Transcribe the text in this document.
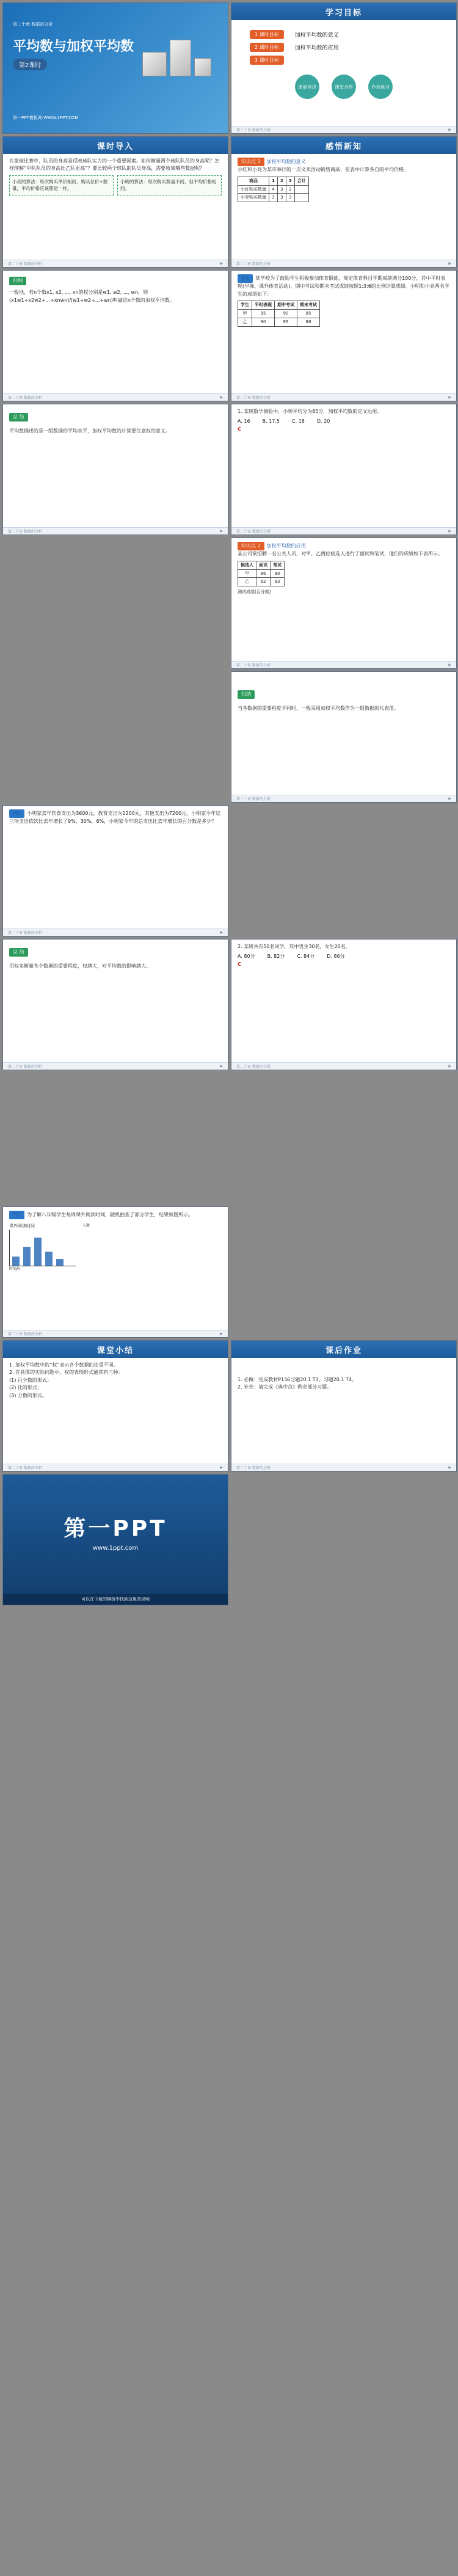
第二十章 数据的分析
平均数与加权平均数
第2课时
第一PPT模板网-WWW.1PPT.COM
学习目标
1 课时目标	加权平均数的意义
2 课时目标	加权平均数的应用
3 课时目标
课前导讲	课堂合作	作业练习
第二十章 数据的分析	▶
课时导入

在篮球比赛中，队员的身高是反映球队实力的一个重要因素。如何衡量两个球队队员的身高呢？怎样理解“甲队队员的身高比乙队更高”？要比较两个球队的队员身高，需要收集哪些数据呢？

小亮的算法：每次购买单价相同，购买总价÷数量，平均价格应该都是一样。
小明的算法：每次购买数量不同，但平均价格相同。
第二十章 数据的分析	▶
感悟新知
知识点 1 加权平均数的意义

小红和小亮为某市举行的一次义卖活动销售商品，在表中计算各自的平均价格。

商品	1	2	3	合计
小红购买数量	4	3	2	
小亮购买数量	3	3	3	
第二十章 数据的分析	▶
归纳

一般地，若n个数x1, x2, ..., xn的权分别是w1, w2, ..., wn，则(x1w1+x2w2+...+xnwn)/(w1+w2+...+wn)叫做这n个数的加权平均数。

第二十章 数据的分析	▶

例1 某学校为了鼓励学生积极参加体育锻炼，规定体育科目学期成绩满分100分，其中平时表现(早操、课外体育活动)、期中考试和期末考试成绩按照1:3:6的比例计算成绩。小明和小亮两名学生的成绩如下：

学生	平时表现	期中考试	期末考试
甲	95	90	85
乙	90	95	88
第二十章 数据的分析	▶
总 结

平均数描述的是一组数据的平均水平，加权平均数的计算要注意权的意义。

第二十章 数据的分析	▶

1. 某班数学测验中，小明平均分为85分，加权平均数的定义运用。

A. 16	B. 17.5	C. 18	D. 20

C

第二十章 数据的分析	▶
知识点 2 加权平均数的应用

某公司欲招聘一名公关人员，对甲、乙两位候选人进行了面试和笔试，他们的成绩如下表所示。

候选人	面试	笔试
甲	86	90
乙	92	83

测试成绩(百分制)

第二十章 数据的分析	▶
归纳

当各数据的重要程度不同时，一般采用加权平均数作为一组数据的代表值。

第二十章 数据的分析	▶

例2 小明家去年饮食支出为3600元，教育支出为1200元，其他支出为7200元。小明家今年这三项支出依次比去年增长了9%，30%，6%，小明家今年的总支出比去年增长的百分数是多少？

第二十章 数据的分析	▶
总 结

用权来衡量各个数据的重要程度，权越大，对平均数的影响越大。

第二十章 数据的分析	▶

2. 某班共有50名同学，其中男生30名，女生20名。

A. 80分	B. 82分	C. 84分	D. 86分

C

第二十章 数据的分析	▶

例3 为了解八年级学生每周课外阅读时间，随机抽查了部分学生，结果如图所示。

课外阅读时间
时间/h
人数
第二十章 数据的分析	▶
课堂小结

1. 加权平均数中的“权”表示各个数据的比重不同。

2. 在具体的实际问题中，权的表现形式通常有三种：

(1) 百分数的形式；

(2) 比的形式；

(3) 分数的形式。

第二十章 数据的分析	▶
课后作业

1. 必做：完成教材P136习题20.1 T3，习题20.1 T4。

2. 补充：请完成《典中点》剩余部分习题。

第二十章 数据的分析	▶
第一PPT
www.1ppt.com
可以在下载的模板中找到这里的说明
